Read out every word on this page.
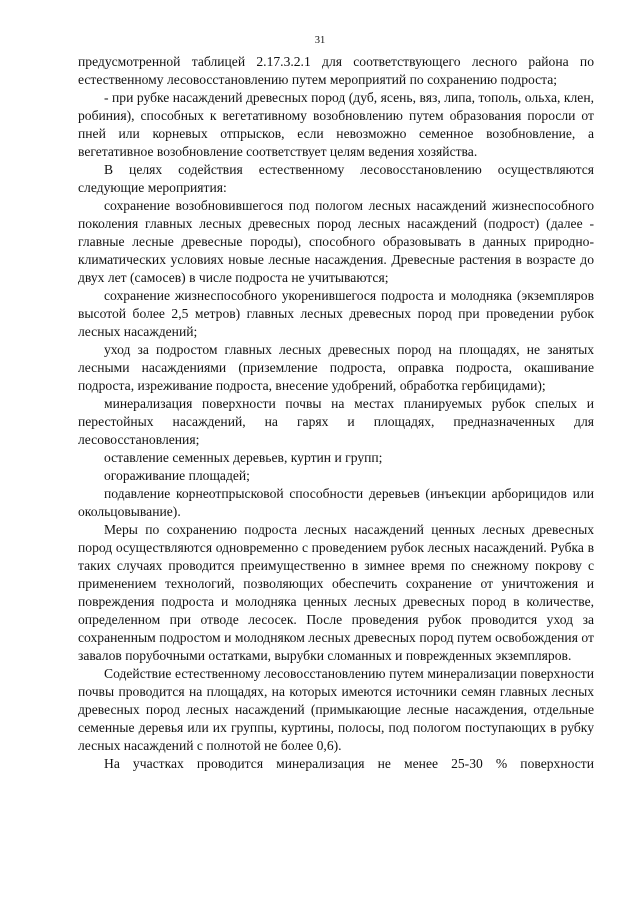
31

предусмотренной таблицей 2.17.3.2.1 для соответствующего лесного района по естественному лесовосстановлению путем мероприятий по сохранению подроста;

- при рубке насаждений древесных пород (дуб, ясень, вяз, липа, тополь, ольха, клен, робиния), способных к вегетативному возобновлению путем образования поросли от пней или корневых отпрысков, если невозможно семенное возобновление, а вегетативное возобновление соответствует целям ведения хозяйства.

В целях содействия естественному лесовосстановлению осуществляются следующие мероприятия:

сохранение возобновившегося под пологом лесных насаждений жизнеспособного поколения главных лесных древесных пород лесных насаждений (подрост) (далее - главные лесные древесные породы), способного образовывать в данных природно-климатических условиях новые лесные насаждения. Древесные растения в возрасте до двух лет (самосев) в числе подроста не учитываются;

сохранение жизнеспособного укоренившегося подроста и молодняка (экземпляров высотой более 2,5 метров) главных лесных древесных пород при проведении рубок лесных насаждений;

уход за подростом главных лесных древесных пород на площадях, не занятых лесными насаждениями (приземление подроста, оправка подроста, окашивание подроста, изреживание подроста, внесение удобрений, обработка гербицидами);

минерализация поверхности почвы на местах планируемых рубок спелых и перестойных насаждений, на гарях и площадях, предназначенных для лесовосстановления;

оставление семенных деревьев, куртин и групп;

огораживание площадей;

подавление корнеотпрысковой способности деревьев (инъекции арборицидов или окольцовывание).

Меры по сохранению подроста лесных насаждений ценных лесных древесных пород осуществляются одновременно с проведением рубок лесных насаждений. Рубка в таких случаях проводится преимущественно в зимнее время по снежному покрову с применением технологий, позволяющих обеспечить сохранение от уничтожения и повреждения подроста и молодняка ценных лесных древесных пород в количестве, определенном при отводе лесосек. После проведения рубок проводится уход за сохраненным подростом и молодняком лесных древесных пород путем освобождения от завалов порубочными остатками, вырубки сломанных и поврежденных экземпляров.

Содействие естественному лесовосстановлению путем минерализации поверхности почвы проводится на площадях, на которых имеются источники семян главных лесных древесных пород лесных насаждений (примыкающие лесные насаждения, отдельные семенные деревья или их группы, куртины, полосы, под пологом поступающих в рубку лесных насаждений с полнотой не более 0,6).

На участках проводится минерализация не менее 25-30 % поверхности
